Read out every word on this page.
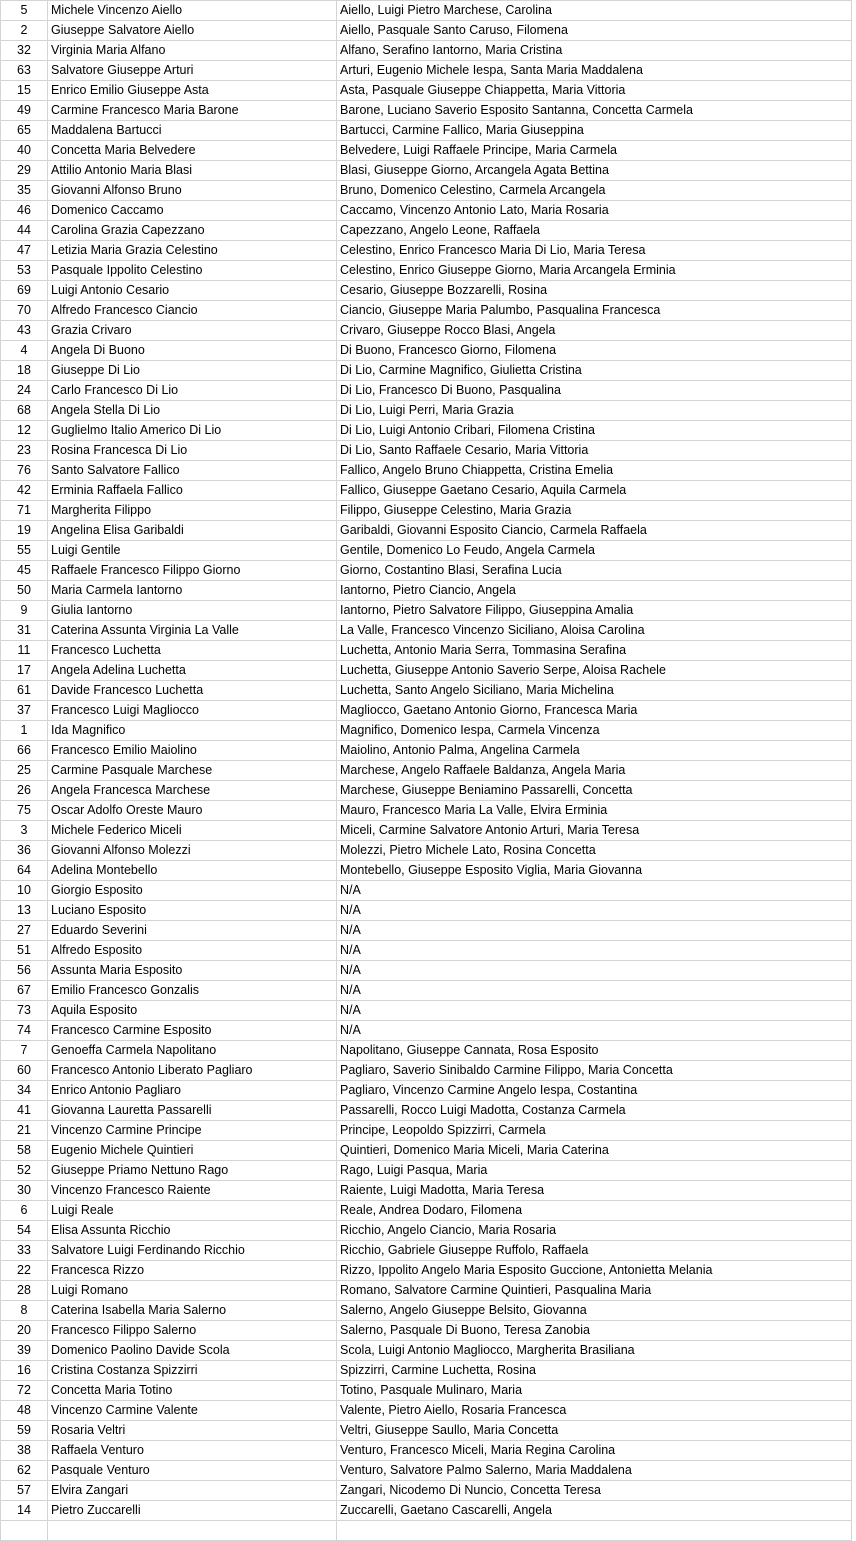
5	Michele Vincenzo Aiello	Aiello, Luigi Pietro Marchese, Carolina
2	Giuseppe Salvatore Aiello	Aiello, Pasquale Santo Caruso, Filomena
32	Virginia Maria Alfano	Alfano, Serafino Iantorno, Maria Cristina
63	Salvatore Giuseppe Arturi	Arturi, Eugenio Michele Iespa, Santa Maria Maddalena
15	Enrico Emilio Giuseppe Asta	Asta, Pasquale Giuseppe Chiappetta, Maria Vittoria
49	Carmine Francesco Maria Barone	Barone, Luciano Saverio Esposito Santanna, Concetta Carmela
65	Maddalena Bartucci	Bartucci, Carmine Fallico, Maria Giuseppina
40	Concetta Maria Belvedere	Belvedere, Luigi Raffaele Principe, Maria Carmela
29	Attilio Antonio Maria Blasi	Blasi, Giuseppe Giorno, Arcangela Agata Bettina
35	Giovanni Alfonso Bruno	Bruno, Domenico Celestino, Carmela Arcangela
46	Domenico Caccamo	Caccamo, Vincenzo Antonio Lato, Maria Rosaria
44	Carolina Grazia Capezzano	Capezzano, Angelo Leone, Raffaela
47	Letizia Maria Grazia Celestino	Celestino, Enrico Francesco Maria Di Lio, Maria Teresa
53	Pasquale Ippolito Celestino	Celestino, Enrico Giuseppe Giorno, Maria Arcangela Erminia
69	Luigi Antonio Cesario	Cesario, Giuseppe Bozzarelli, Rosina
70	Alfredo Francesco Ciancio	Ciancio, Giuseppe Maria Palumbo, Pasqualina Francesca
43	Grazia Crivaro	Crivaro, Giuseppe Rocco Blasi, Angela
4	Angela Di Buono	Di Buono, Francesco Giorno, Filomena
18	Giuseppe Di Lio	Di Lio, Carmine Magnifico, Giulietta Cristina
24	Carlo Francesco Di Lio	Di Lio, Francesco Di Buono, Pasqualina
68	Angela Stella Di Lio	Di Lio, Luigi Perri, Maria Grazia
12	Guglielmo Italio Americo Di Lio	Di Lio, Luigi Antonio Cribari, Filomena Cristina
23	Rosina Francesca Di Lio	Di Lio, Santo Raffaele Cesario, Maria Vittoria
76	Santo Salvatore Fallico	Fallico, Angelo Bruno Chiappetta, Cristina Emelia
42	Erminia Raffaela Fallico	Fallico, Giuseppe Gaetano Cesario, Aquila Carmela
71	Margherita Filippo	Filippo, Giuseppe Celestino, Maria Grazia
19	Angelina Elisa Garibaldi	Garibaldi, Giovanni Esposito Ciancio, Carmela Raffaela
55	Luigi Gentile	Gentile, Domenico Lo Feudo, Angela Carmela
45	Raffaele Francesco Filippo Giorno	Giorno, Costantino Blasi, Serafina Lucia
50	Maria Carmela Iantorno	Iantorno, Pietro Ciancio, Angela
9	Giulia Iantorno	Iantorno, Pietro Salvatore Filippo, Giuseppina Amalia
31	Caterina Assunta Virginia La Valle	La Valle, Francesco Vincenzo Siciliano, Aloisa Carolina
11	Francesco Luchetta	Luchetta, Antonio Maria Serra, Tommasina Serafina
17	Angela Adelina Luchetta	Luchetta, Giuseppe Antonio Saverio Serpe, Aloisa Rachele
61	Davide Francesco Luchetta	Luchetta, Santo Angelo Siciliano, Maria Michelina
37	Francesco Luigi Magliocco	Magliocco, Gaetano Antonio Giorno, Francesca Maria
1	Ida Magnifico	Magnifico, Domenico Iespa, Carmela Vincenza
66	Francesco Emilio Maiolino	Maiolino, Antonio Palma, Angelina Carmela
25	Carmine Pasquale Marchese	Marchese, Angelo Raffaele Baldanza, Angela Maria
26	Angela Francesca Marchese	Marchese, Giuseppe Beniamino Passarelli, Concetta
75	Oscar Adolfo Oreste Mauro	Mauro, Francesco Maria La Valle, Elvira Erminia
3	Michele Federico Miceli	Miceli, Carmine Salvatore Antonio Arturi, Maria Teresa
36	Giovanni Alfonso Molezzi	Molezzi, Pietro Michele Lato, Rosina Concetta
64	Adelina Montebello	Montebello, Giuseppe Esposito Viglia, Maria Giovanna
10	Giorgio Esposito	N/A
13	Luciano Esposito	N/A
27	Eduardo Severini	N/A
51	Alfredo Esposito	N/A
56	Assunta Maria Esposito	N/A
67	Emilio Francesco Gonzalis	N/A
73	Aquila Esposito	N/A
74	Francesco Carmine Esposito	N/A
7	Genoeffa Carmela Napolitano	Napolitano, Giuseppe Cannata, Rosa Esposito
60	Francesco Antonio Liberato Pagliaro	Pagliaro, Saverio Sinibaldo Carmine Filippo, Maria Concetta
34	Enrico Antonio Pagliaro	Pagliaro, Vincenzo Carmine Angelo Iespa, Costantina
41	Giovanna Lauretta Passarelli	Passarelli, Rocco Luigi Madotta, Costanza Carmela
21	Vincenzo Carmine Principe	Principe, Leopoldo Spizzirri, Carmela
58	Eugenio Michele Quintieri	Quintieri, Domenico Maria Miceli, Maria Caterina
52	Giuseppe Priamo Nettuno Rago	Rago, Luigi Pasqua, Maria
30	Vincenzo Francesco Raiente	Raiente, Luigi Madotta, Maria Teresa
6	Luigi Reale	Reale, Andrea Dodaro, Filomena
54	Elisa Assunta Ricchio	Ricchio, Angelo Ciancio, Maria Rosaria
33	Salvatore Luigi Ferdinando Ricchio	Ricchio, Gabriele Giuseppe Ruffolo, Raffaela
22	Francesca Rizzo	Rizzo, Ippolito Angelo Maria Esposito Guccione, Antonietta Melania
28	Luigi Romano	Romano, Salvatore Carmine Quintieri, Pasqualina Maria
8	Caterina Isabella Maria Salerno	Salerno, Angelo Giuseppe Belsito, Giovanna
20	Francesco Filippo Salerno	Salerno, Pasquale Di Buono, Teresa Zanobia
39	Domenico Paolino Davide Scola	Scola, Luigi Antonio Magliocco, Margherita Brasiliana
16	Cristina Costanza Spizzirri	Spizzirri, Carmine Luchetta, Rosina
72	Concetta Maria Totino	Totino, Pasquale Mulinaro, Maria
48	Vincenzo Carmine Valente	Valente, Pietro Aiello, Rosaria Francesca
59	Rosaria Veltri	Veltri, Giuseppe Saullo, Maria Concetta
38	Raffaela Venturo	Venturo, Francesco Miceli, Maria Regina Carolina
62	Pasquale Venturo	Venturo, Salvatore Palmo Salerno, Maria Maddalena
57	Elvira Zangari	Zangari, Nicodemo Di Nuncio, Concetta Teresa
14	Pietro Zuccarelli	Zuccarelli, Gaetano Cascarelli, Angela
